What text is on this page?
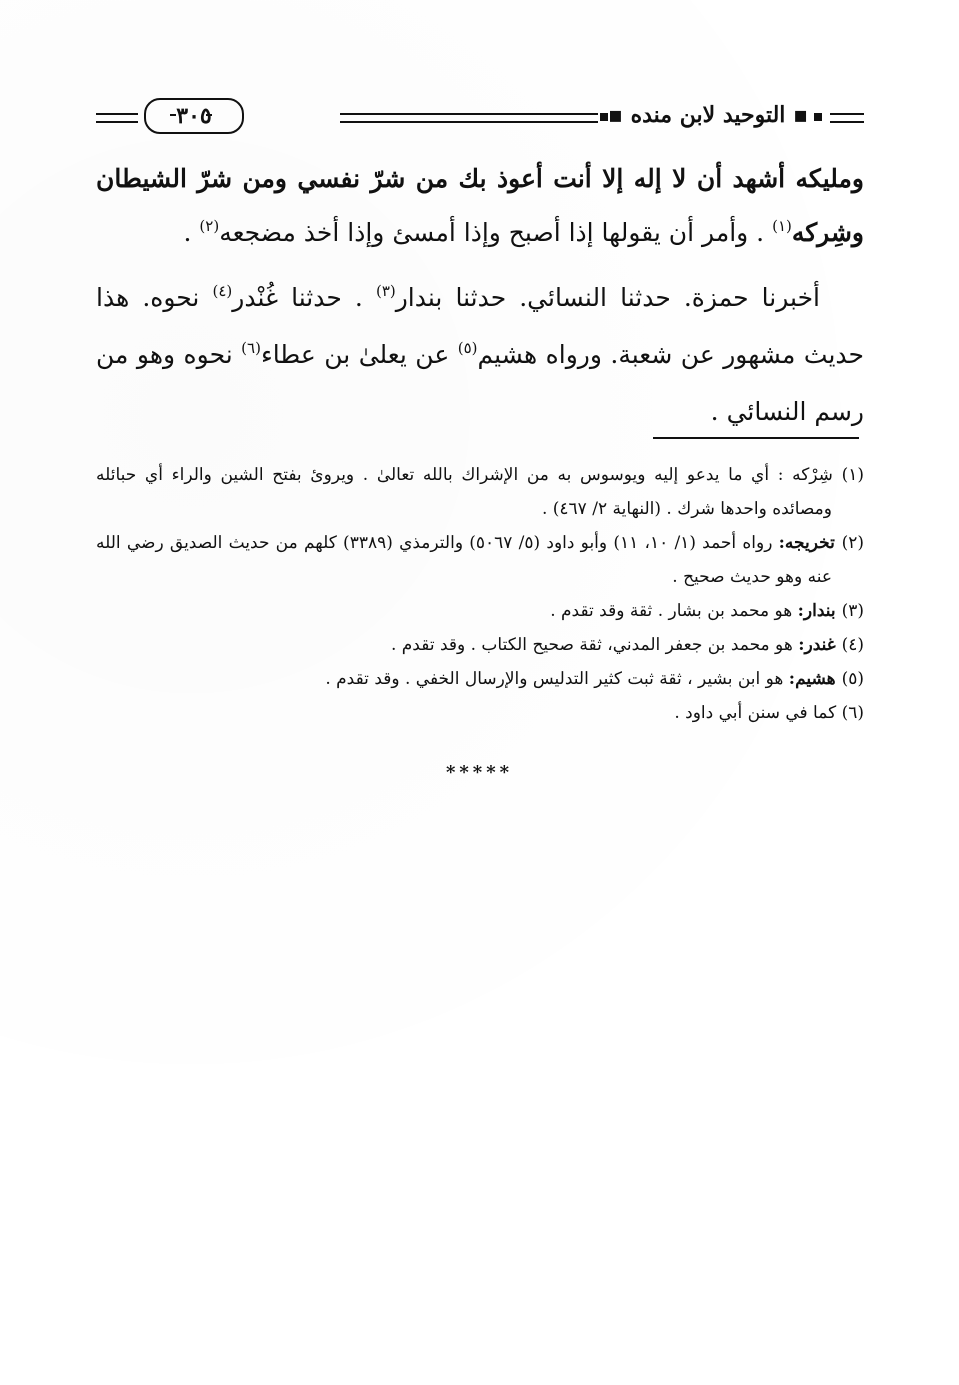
▪ التوحيد لابن منده ▪
٣٠٥

ومليكه أشهد أن لا إله إلا أنت أعوذ بك من شرّ نفسي ومن شرّ الشيطان وشِركه$^{(١)}$ . وأمر أن يقولها إذا أصبح وإذا أمسئ وإذا أخذ مضجعه$^{(٢)}$ .

أخبرنا حمزة. حدثنا النسائي. حدثنا بندار$^{(٣)}$ . حدثنا غُنْدر$^{(٤)}$ نحوه. هذا حديث مشهور عن شعبة. ورواه هشيم$^{(٥)}$ عن يعلىٰ بن عطاء$^{(٦)}$ نحوه وهو من رسم النسائي .

(١) شِرْكه : أي ما يدعو إليه ويوسوس به من الإشراك بالله تعالىٰ . ويروئ بفتح الشين والراء أي حبائله ومصائده واحدها شرك . (النهاية ٢/ ٤٦٧) .

(٢) تخريجه: رواه أحمد (١/ ١٠، ١١) وأبو داود (٥/ ٥٠٦٧) والترمذي (٣٣٨٩) كلهم من حديث الصديق رضي الله عنه وهو حديث صحيح .

(٣) بندار: هو محمد بن بشار . ثقة وقد تقدم .

(٤) غندر: هو محمد بن جعفر المدني، ثقة صحيح الكتاب . وقد تقدم .

(٥) هشيم: هو ابن بشير ، ثقة ثبت كثير التدليس والإرسال الخفي . وقد تقدم .

(٦) كما في سنن أبي داود .

*****
